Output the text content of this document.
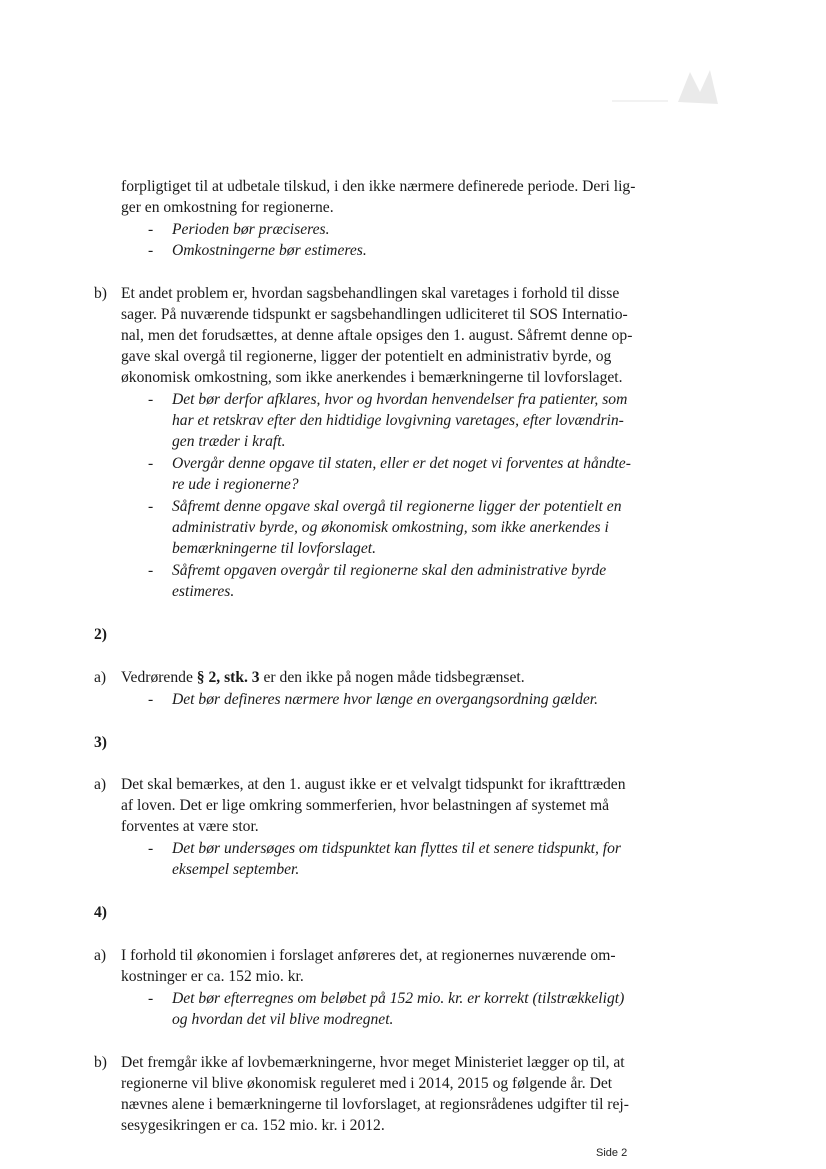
forpligtiget til at udbetale tilskud, i den ikke nærmere definerede periode. Deri lig-
ger en omkostning for regionerne.
- Perioden bør præciseres.
- Omkostningerne bør estimeres.
b) Et andet problem er, hvordan sagsbehandlingen skal varetages i forhold til disse
sager. På nuværende tidspunkt er sagsbehandlingen udliciteret til SOS Internatio-
nal, men det forudsættes, at denne aftale opsiges den 1. august. Såfremt denne op-
gave skal overgå til regionerne, ligger der potentielt en administrativ byrde, og
økonomisk omkostning, som ikke anerkendes i bemærkningerne til lovforslaget.
- Det bør derfor afklares, hvor og hvordan henvendelser fra patienter, som
har et retskrav efter den hidtidige lovgivning varetages, efter lovændrin-
gen træder i kraft.
- Overgår denne opgave til staten, eller er det noget vi forventes at håndte-
re ude i regionerne?
- Såfremt denne opgave skal overgå til regionerne ligger der potentielt en
administrativ byrde, og økonomisk omkostning, som ikke anerkendes i
bemærkningerne til lovforslaget.
- Såfremt opgaven overgår til regionerne skal den administrative byrde
estimeres.
2)
a) Vedrørende § 2, stk. 3 er den ikke på nogen måde tidsbegrænset.
- Det bør defineres nærmere hvor længe en overgangsordning gælder.
3)
a) Det skal bemærkes, at den 1. august ikke er et velvalgt tidspunkt for ikrafttræden
af loven. Det er lige omkring sommerferien, hvor belastningen af systemet må
forventes at være stor.
- Det bør undersøges om tidspunktet kan flyttes til et senere tidspunkt, for
eksempel september.
4)
a) I forhold til økonomien i forslaget anføreres det, at regionernes nuværende om-
kostninger er ca. 152 mio. kr.
- Det bør efterregnes om beløbet på 152 mio. kr. er korrekt (tilstrækkeligt)
og hvordan det vil blive modregnet.
b) Det fremgår ikke af lovbemærkningerne, hvor meget Ministeriet lægger op til, at
regionerne vil blive økonomisk reguleret med i 2014, 2015 og følgende år. Det
nævnes alene i bemærkningerne til lovforslaget, at regionsrådenes udgifter til rej-
sesygesikringen er ca. 152 mio. kr. i 2012.
Side 2
